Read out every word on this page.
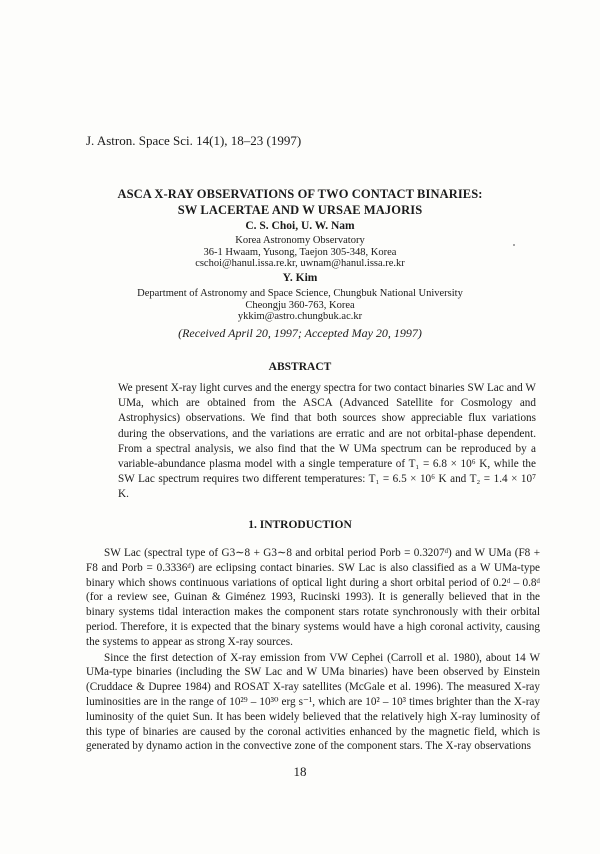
J. Astron. Space Sci. 14(1), 18–23 (1997)
ASCA X-RAY OBSERVATIONS OF TWO CONTACT BINARIES:
SW LACERTAE AND W URSAE MAJORIS
C. S. Choi, U. W. Nam
Korea Astronomy Observatory
36-1 Hwaam, Yusong, Taejon 305-348, Korea
cschoi@hanul.issa.re.kr, uwnam@hanul.issa.re.kr
Y. Kim
Department of Astronomy and Space Science, Chungbuk National University
Cheongju 360-763, Korea
ykkim@astro.chungbuk.ac.kr
(Received April 20, 1997; Accepted May 20, 1997)
ABSTRACT

We present X-ray light curves and the energy spectra for two contact binaries SW Lac and W UMa, which are obtained from the ASCA (Advanced Satellite for Cosmology and Astrophysics) observations. We find that both sources show appreciable flux variations during the observations, and the variations are erratic and are not orbital-phase dependent. From a spectral analysis, we also find that the W UMa spectrum can be reproduced by a variable-abundance plasma model with a single temperature of T₁ = 6.8 × 10⁶ K, while the SW Lac spectrum requires two different temperatures: T₁ = 6.5 × 10⁶ K and T₂ = 1.4 × 10⁷ K.

1. INTRODUCTION

SW Lac (spectral type of G3∼8 + G3∼8 and orbital period Porb = 0.3207ᵈ) and W UMa (F8 + F8 and Porb = 0.3336ᵈ) are eclipsing contact binaries. SW Lac is also classified as a W UMa-type binary which shows continuous variations of optical light during a short orbital period of 0.2ᵈ – 0.8ᵈ (for a review see, Guinan & Giménez 1993, Rucinski 1993). It is generally believed that in the binary systems tidal interaction makes the component stars rotate synchronously with their orbital period. Therefore, it is expected that the binary systems would have a high coronal activity, causing the systems to appear as strong X-ray sources.

Since the first detection of X-ray emission from VW Cephei (Carroll et al. 1980), about 14 W UMa-type binaries (including the SW Lac and W UMa binaries) have been observed by Einstein (Cruddace & Dupree 1984) and ROSAT X-ray satellites (McGale et al. 1996). The measured X-ray luminosities are in the range of 10²⁹ – 10³⁰ erg s⁻¹, which are 10² – 10³ times brighter than the X-ray luminosity of the quiet Sun. It has been widely believed that the relatively high X-ray luminosity of this type of binaries are caused by the coronal activities enhanced by the magnetic field, which is generated by dynamo action in the convective zone of the component stars. The X-ray observations

18
